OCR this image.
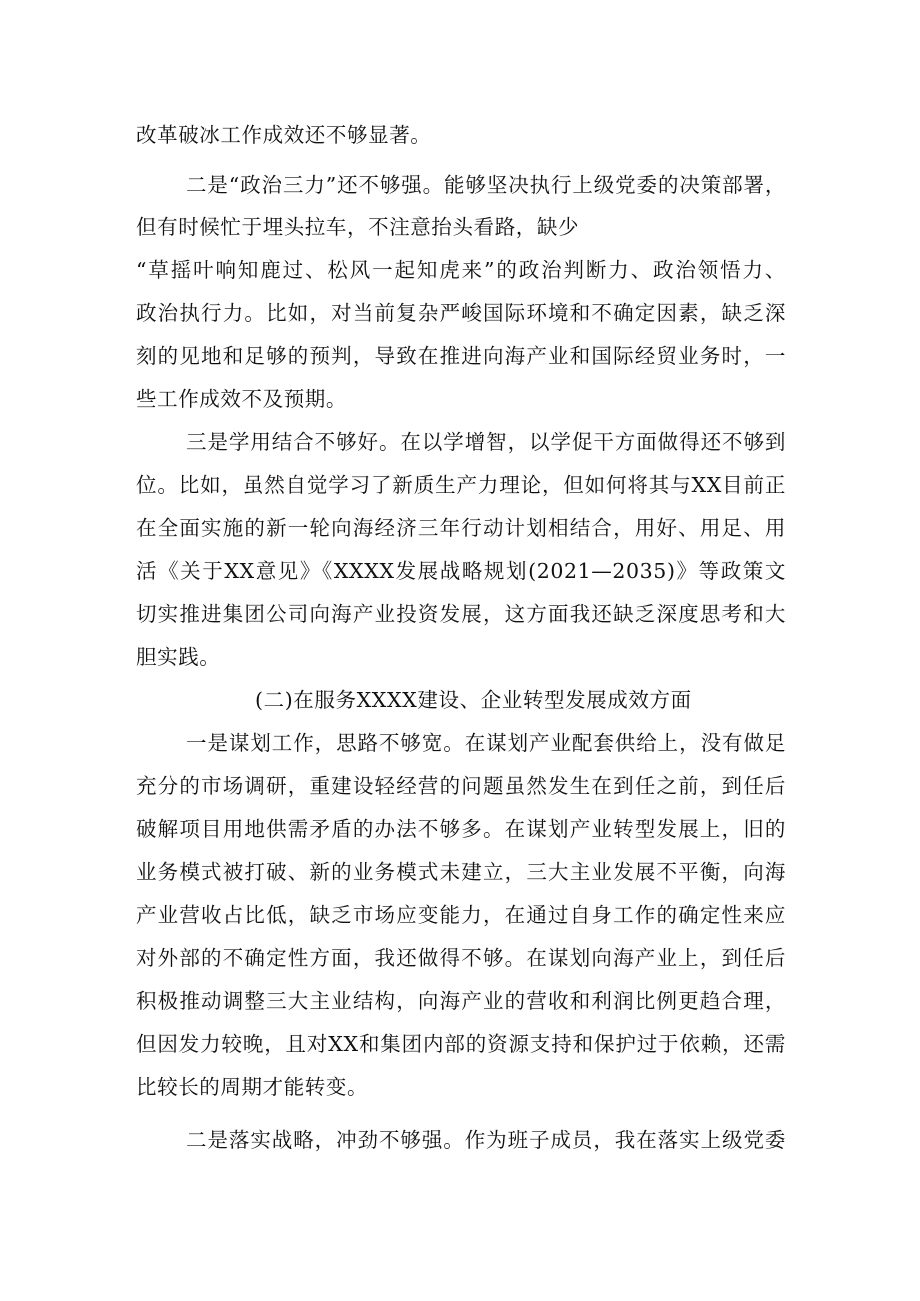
改革破冰工作成效还不够显著。
二是“政治三力”还不够强。能够坚决执行上级党委的决策部署，
但有时候忙于埋头拉车，不注意抬头看路，缺少
“草摇叶响知鹿过、松风一起知虎来”的政治判断力、政治领悟力、
政治执行力。比如，对当前复杂严峻国际环境和不确定因素，缺乏深
刻的见地和足够的预判，导致在推进向海产业和国际经贸业务时，一
些工作成效不及预期。
三是学用结合不够好。在以学增智，以学促干方面做得还不够到
位。比如，虽然自觉学习了新质生产力理论，但如何将其与XX目前正
在全面实施的新一轮向海经济三年行动计划相结合，用好、用足、用
活《关于XX意见》《XXXX发展战略规划(2021—2035)》等政策文
切实推进集团公司向海产业投资发展，这方面我还缺乏深度思考和大
胆实践。
(二)在服务XXXX建设、企业转型发展成效方面
一是谋划工作，思路不够宽。在谋划产业配套供给上，没有做足
充分的市场调研，重建设轻经营的问题虽然发生在到任之前，到任后
破解项目用地供需矛盾的办法不够多。在谋划产业转型发展上，旧的
业务模式被打破、新的业务模式未建立，三大主业发展不平衡，向海
产业营收占比低，缺乏市场应变能力，在通过自身工作的确定性来应
对外部的不确定性方面，我还做得不够。在谋划向海产业上，到任后
积极推动调整三大主业结构，向海产业的营收和利润比例更趋合理，
但因发力较晚，且对XX和集团内部的资源支持和保护过于依赖，还需
比较长的周期才能转变。
二是落实战略，冲劲不够强。作为班子成员，我在落实上级党委
